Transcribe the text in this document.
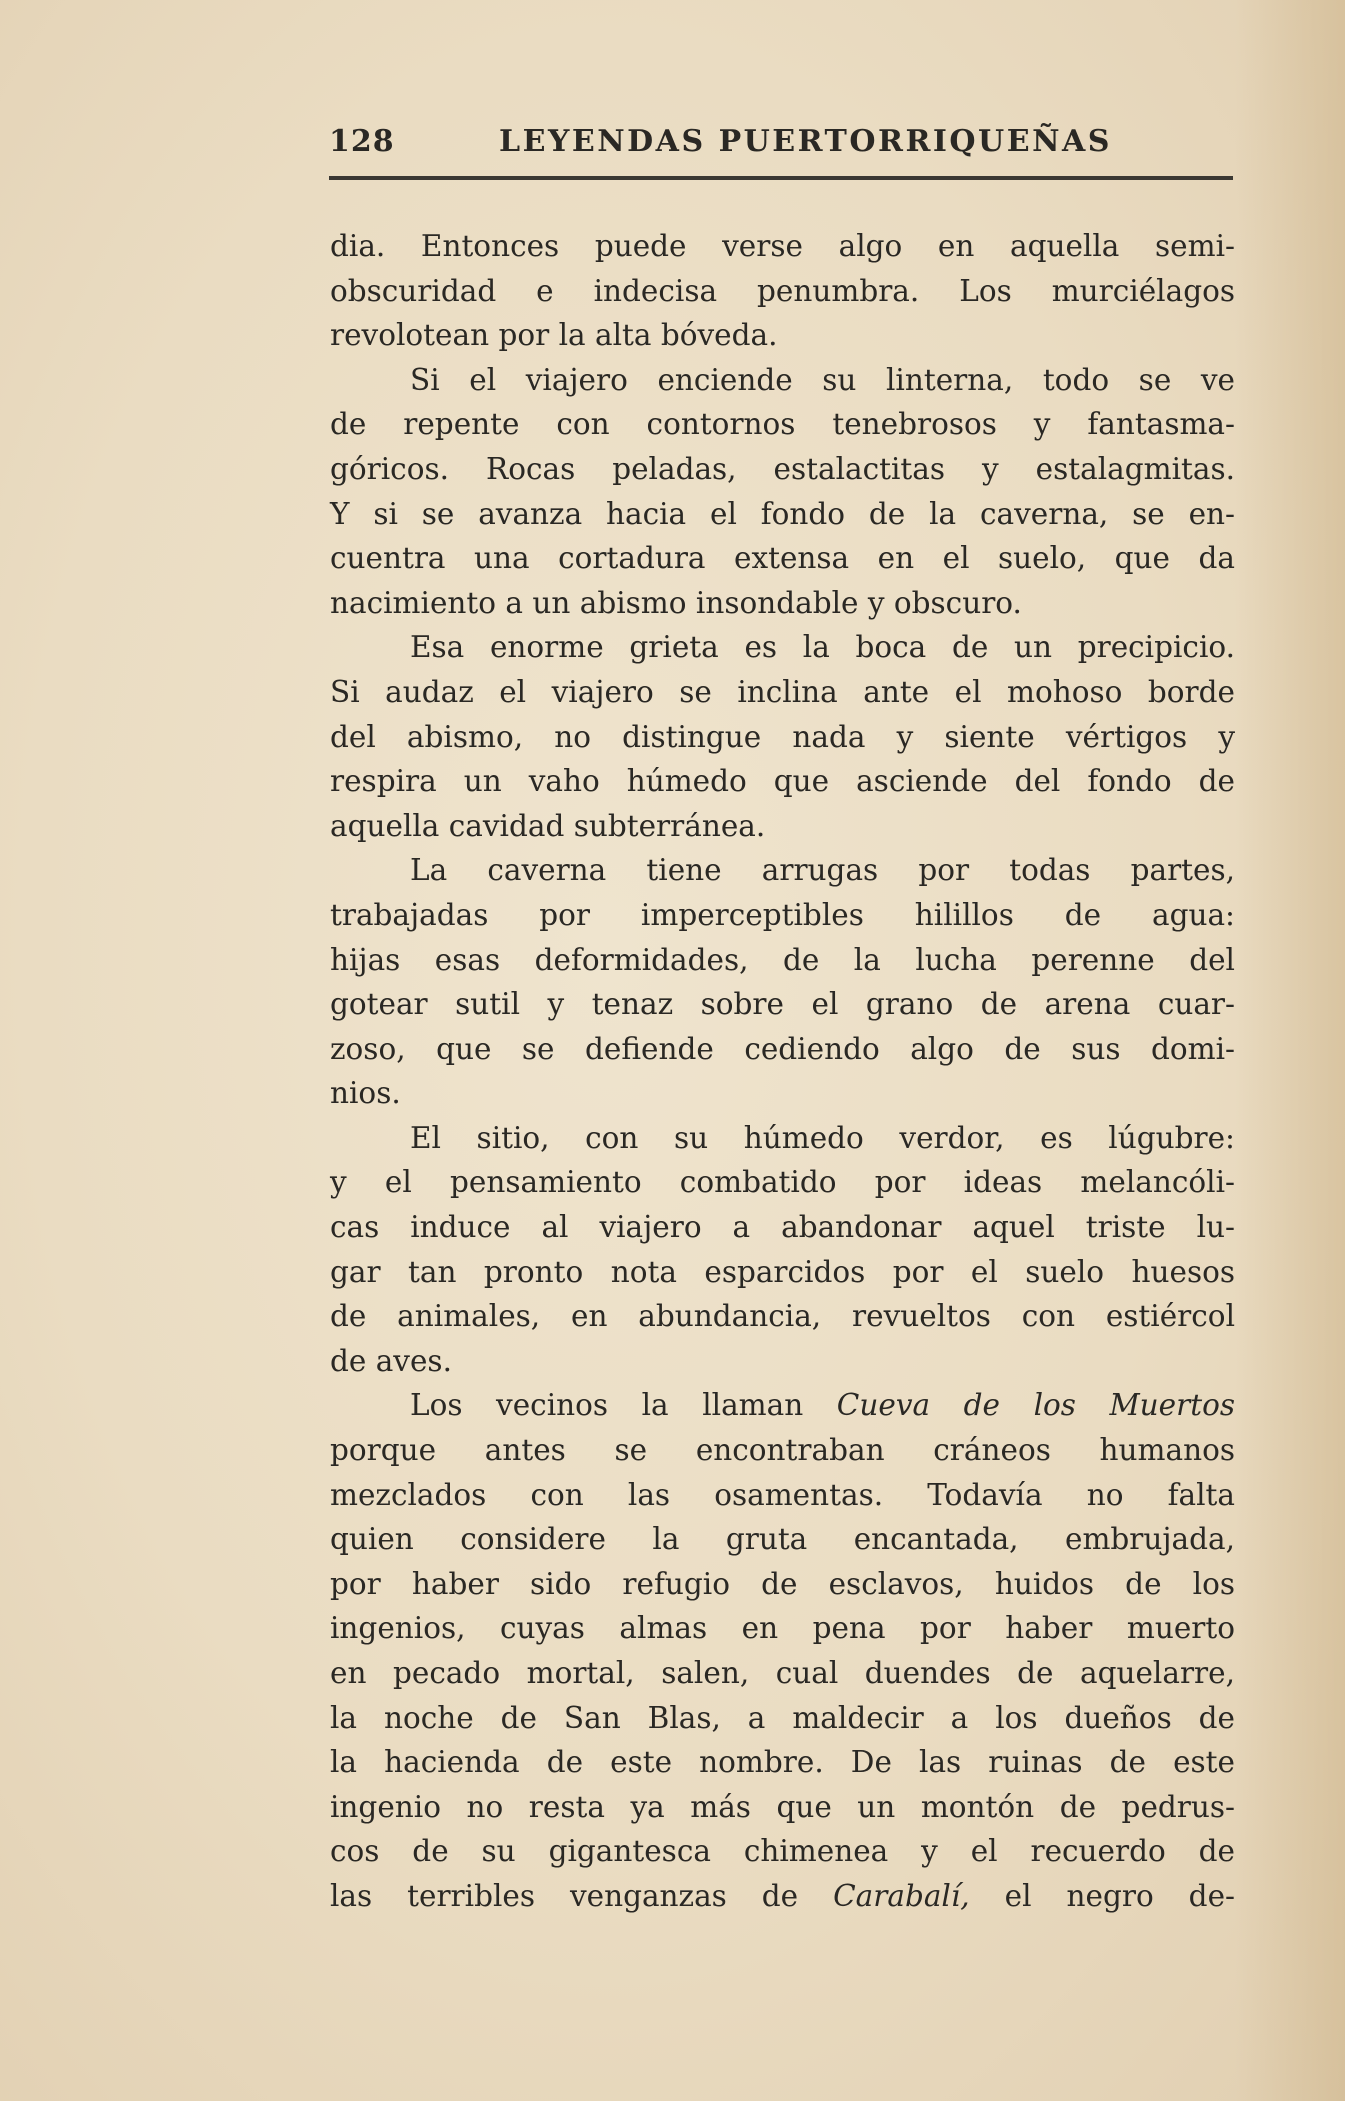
128	LEYENDAS PUERTORRIQUEÑAS
dia. Entonces puede verse algo en aquella semi-
obscuridad e indecisa penumbra. Los murciélagos
revolotean por la alta bóveda.
Si el viajero enciende su linterna, todo se ve
de repente con contornos tenebrosos y fantasma-
góricos. Rocas peladas, estalactitas y estalagmitas.
Y si se avanza hacia el fondo de la caverna, se en-
cuentra una cortadura extensa en el suelo, que da
nacimiento a un abismo insondable y obscuro.
Esa enorme grieta es la boca de un precipicio.
Si audaz el viajero se inclina ante el mohoso borde
del abismo, no distingue nada y siente vértigos y
respira un vaho húmedo que asciende del fondo de
aquella cavidad subterránea.
La caverna tiene arrugas por todas partes,
trabajadas por imperceptibles hilillos de agua:
hijas esas deformidades, de la lucha perenne del
gotear sutil y tenaz sobre el grano de arena cuar-
zoso, que se defiende cediendo algo de sus domi-
nios.
El sitio, con su húmedo verdor, es lúgubre:
y el pensamiento combatido por ideas melancóli-
cas induce al viajero a abandonar aquel triste lu-
gar tan pronto nota esparcidos por el suelo huesos
de animales, en abundancia, revueltos con estiércol
de aves.
Los vecinos la llaman Cueva de los Muertos
porque antes se encontraban cráneos humanos
mezclados con las osamentas. Todavía no falta
quien considere la gruta encantada, embrujada,
por haber sido refugio de esclavos, huidos de los
ingenios, cuyas almas en pena por haber muerto
en pecado mortal, salen, cual duendes de aquelarre,
la noche de San Blas, a maldecir a los dueños de
la hacienda de este nombre. De las ruinas de este
ingenio no resta ya más que un montón de pedrus-
cos de su gigantesca chimenea y el recuerdo de
las terribles venganzas de Carabalí, el negro de-
